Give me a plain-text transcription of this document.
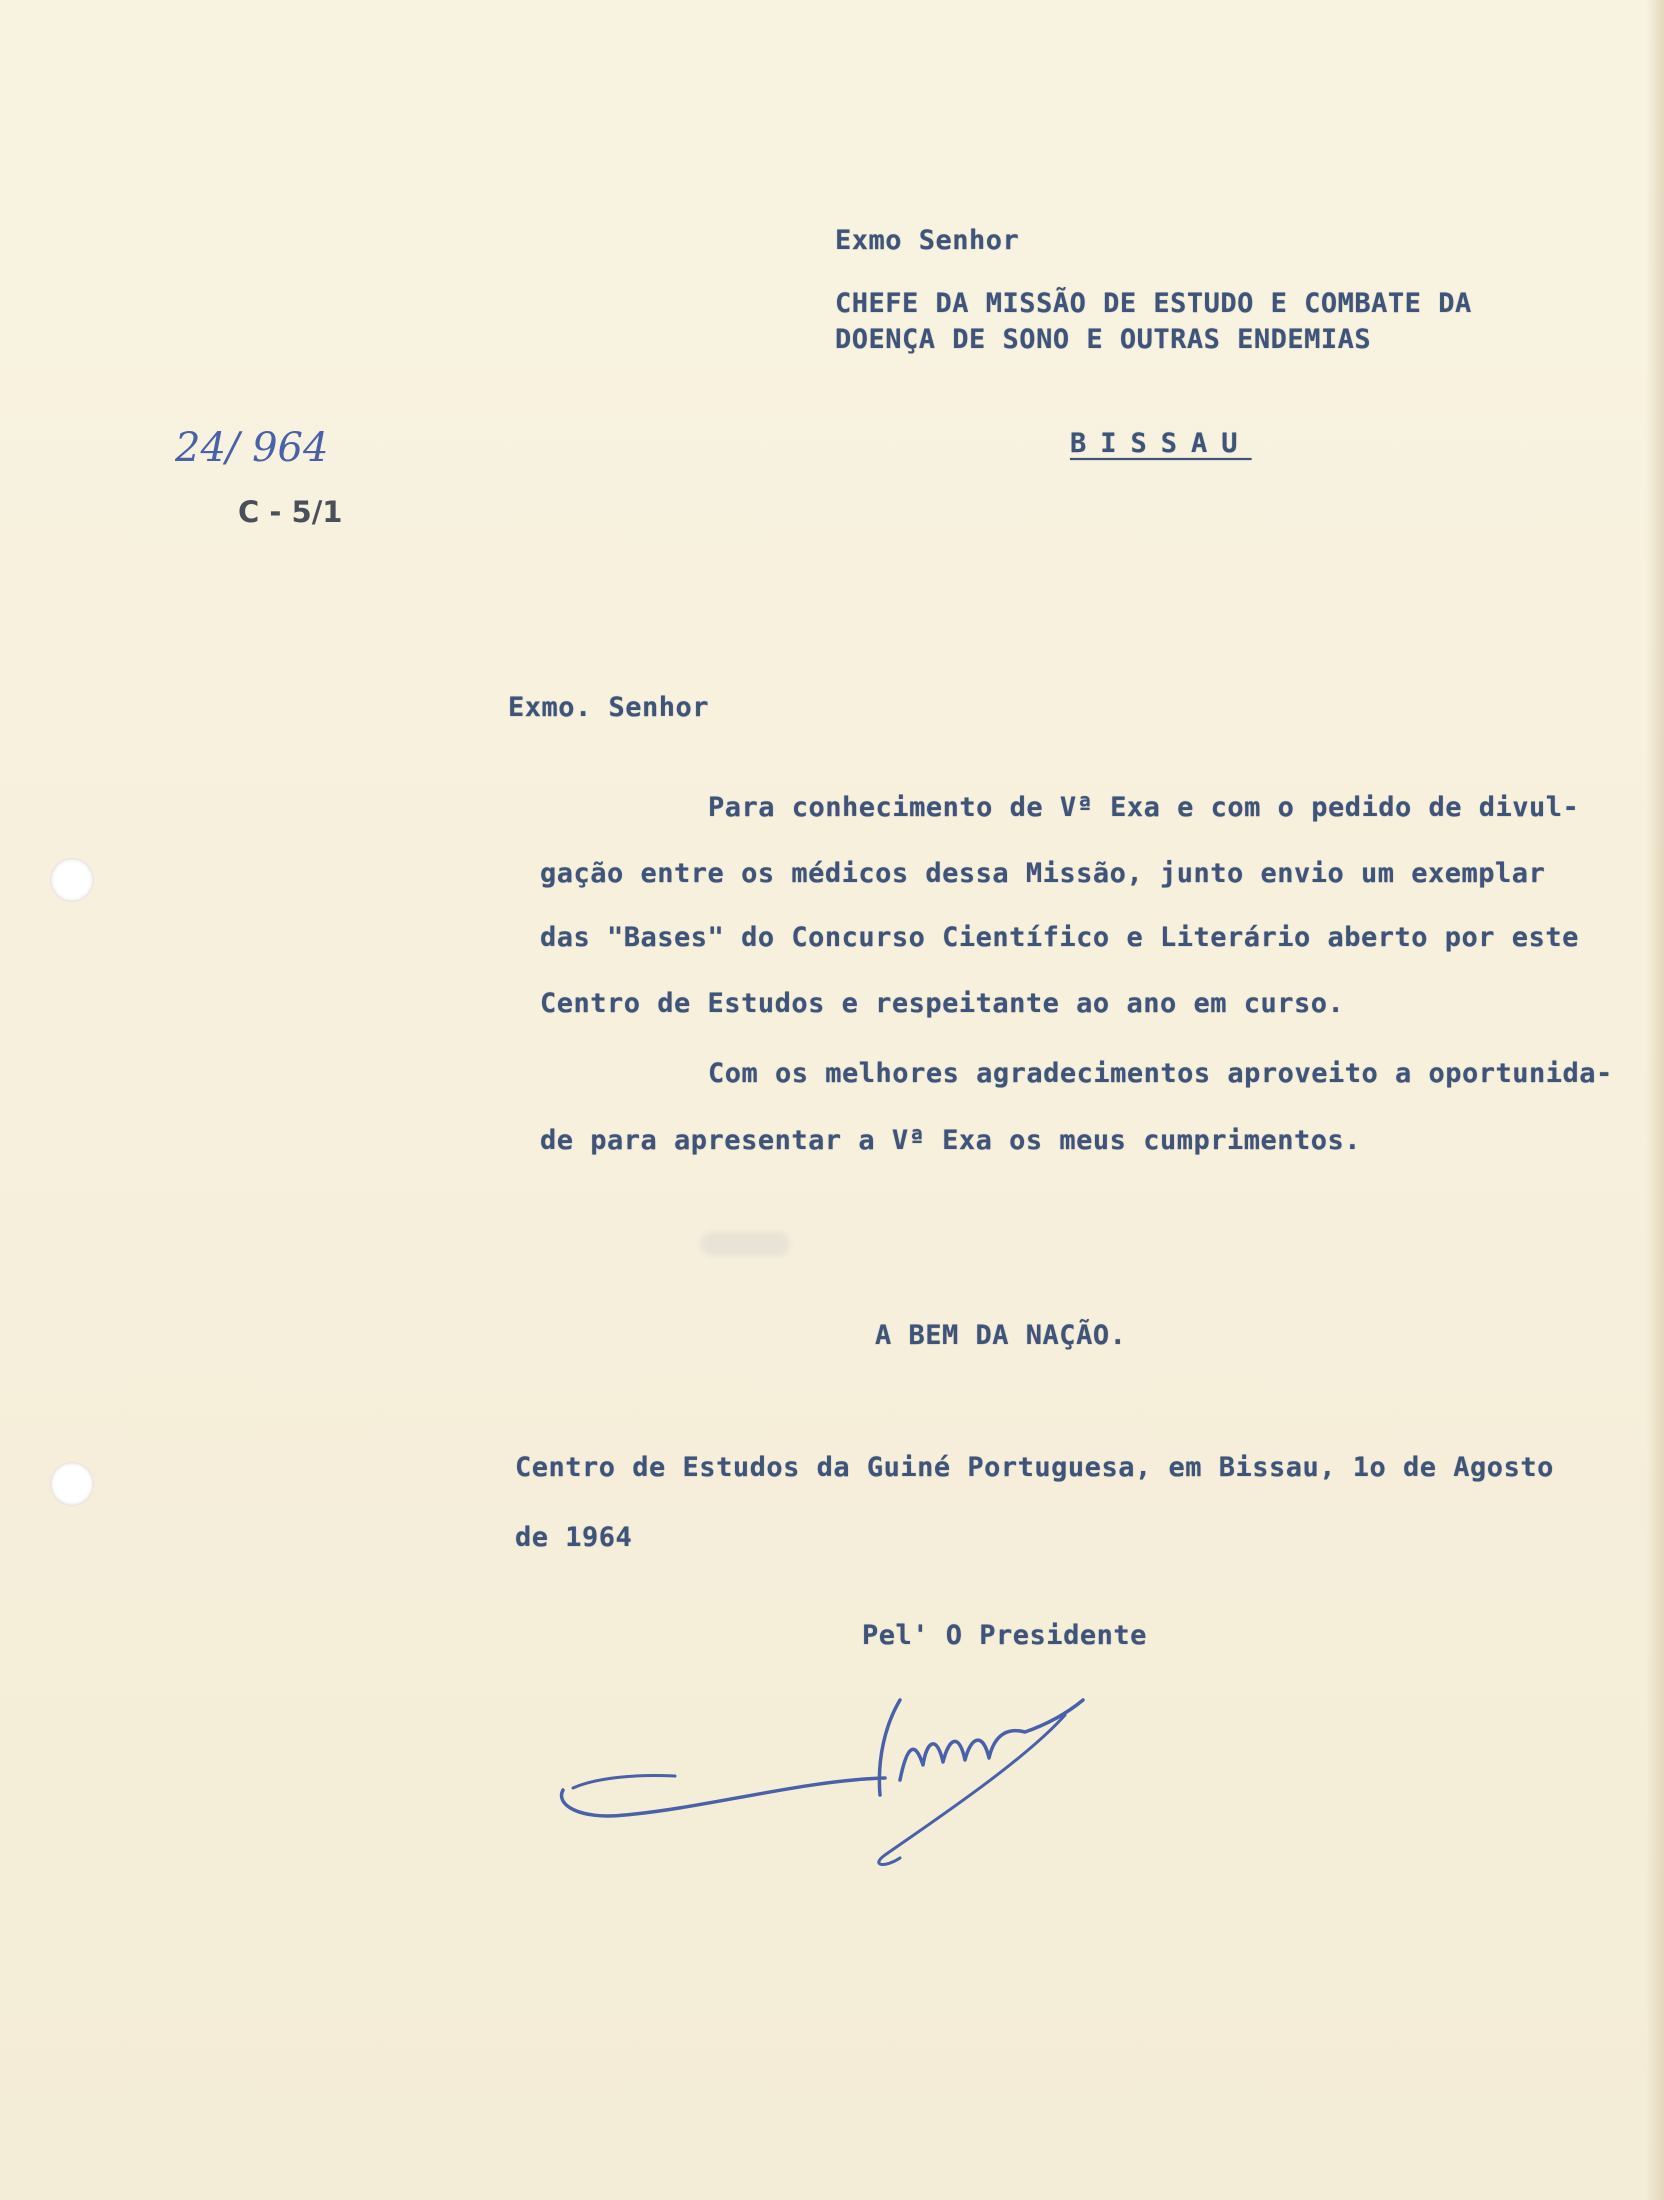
Exmo Senhor
CHEFE DA MISSÃO DE ESTUDO E COMBATE DA
DOENÇA DE SONO E OUTRAS ENDEMIAS
BISSAU
24/ 964
C - 5/1
Exmo. Senhor
Para conhecimento de Vª Exa e com o pedido de divul-
gação entre os médicos dessa Missão, junto envio um exemplar
das "Bases" do Concurso Científico e Literário aberto por este
Centro de Estudos e respeitante ao ano em curso.
Com os melhores agradecimentos aproveito a oportunida-
de para apresentar a Vª Exa os meus cumprimentos.
A BEM DA NAÇÃO.
Centro de Estudos da Guiné Portuguesa, em Bissau, 1o de Agosto
de 1964
Pel' O Presidente
